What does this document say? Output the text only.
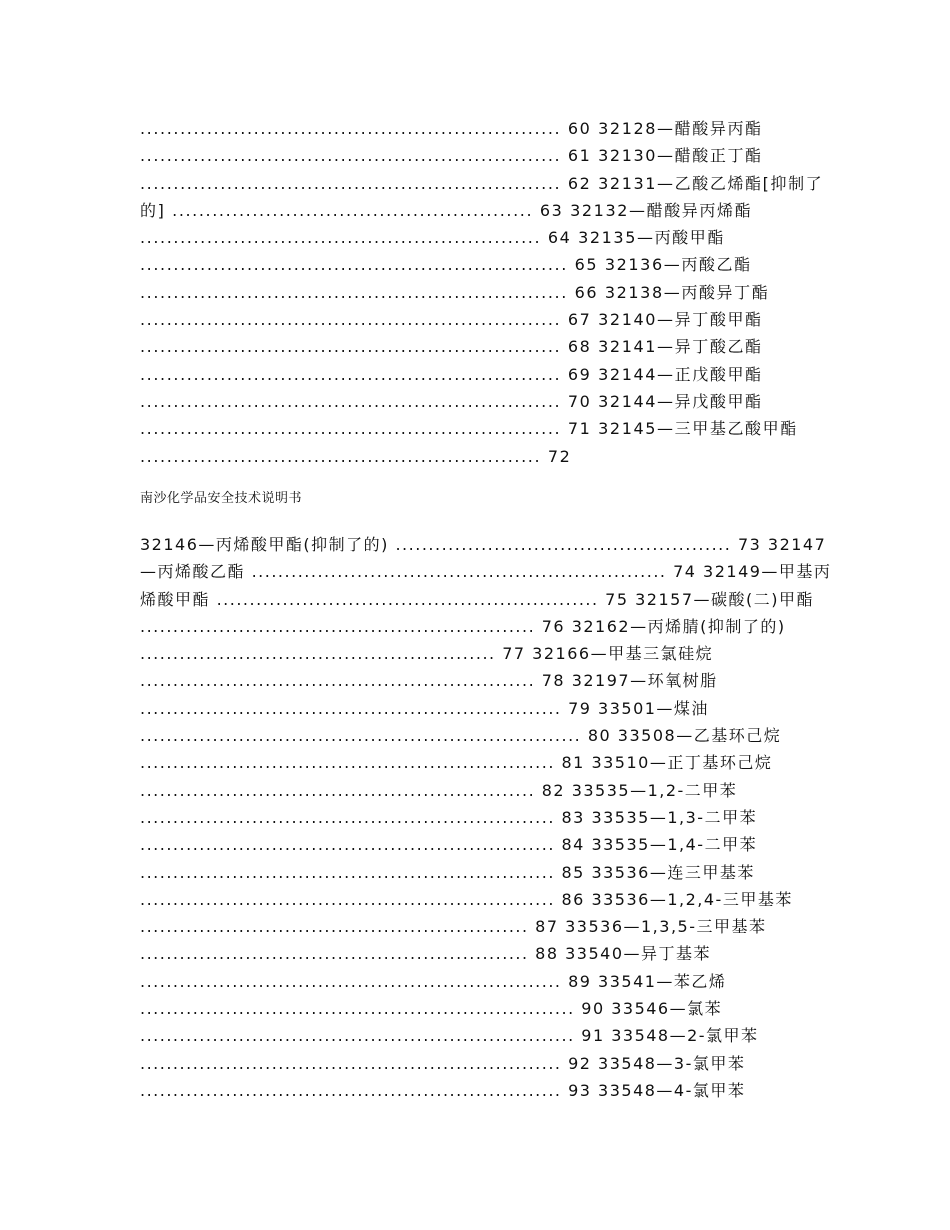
............................................................... 60 32128—醋酸异丙酯
............................................................... 61 32130—醋酸正丁酯
............................................................... 62 32131—乙酸乙烯酯[抑制了
的] ...................................................... 63 32132—醋酸异丙烯酯
............................................................ 64 32135—丙酸甲酯
................................................................ 65 32136—丙酸乙酯
................................................................ 66 32138—丙酸异丁酯
............................................................... 67 32140—异丁酸甲酯
............................................................... 68 32141—异丁酸乙酯
............................................................... 69 32144—正戊酸甲酯
............................................................... 70 32144—异戊酸甲酯
............................................................... 71 32145—三甲基乙酸甲酯
............................................................ 72
南沙化学品安全技术说明书
32146—丙烯酸甲酯(抑制了的) ................................................... 73 32147
—丙烯酸乙酯 ............................................................... 74 32149—甲基丙
烯酸甲酯 .......................................................... 75 32157—碳酸(二)甲酯
............................................................ 76 32162—丙烯腈(抑制了的)
...................................................... 77 32166—甲基三氯硅烷
............................................................ 78 32197—环氧树脂
................................................................ 79 33501—煤油
................................................................... 80 33508—乙基环己烷
............................................................... 81 33510—正丁基环己烷
............................................................ 82 33535—1,2-二甲苯
............................................................... 83 33535—1,3-二甲苯
............................................................... 84 33535—1,4-二甲苯
............................................................... 85 33536—连三甲基苯
............................................................... 86 33536—1,2,4-三甲基苯
........................................................... 87 33536—1,3,5-三甲基苯
........................................................... 88 33540—异丁基苯
................................................................ 89 33541—苯乙烯
.................................................................. 90 33546—氯苯
.................................................................. 91 33548—2-氯甲苯
................................................................ 92 33548—3-氯甲苯
................................................................ 93 33548—4-氯甲苯
